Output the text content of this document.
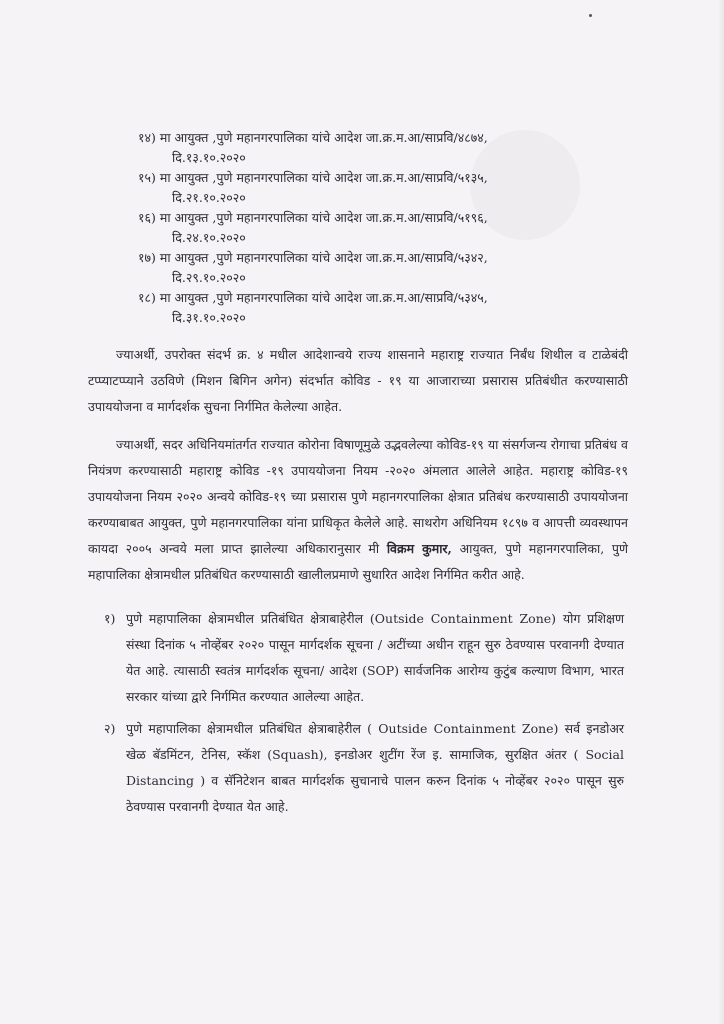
१४) मा आयुक्त ,पुणे महानगरपालिका यांचे आदेश जा.क्र.म.आ/साप्रवि/४८७४,
दि.१३.१०.२०२०
१५) मा आयुक्त ,पुणे महानगरपालिका यांचे आदेश जा.क्र.म.आ/साप्रवि/५१३५,
दि.२१.१०.२०२०
१६) मा आयुक्त ,पुणे महानगरपालिका यांचे आदेश जा.क्र.म.आ/साप्रवि/५१९६,
दि.२४.१०.२०२०
१७) मा आयुक्त ,पुणे महानगरपालिका यांचे आदेश जा.क्र.म.आ/साप्रवि/५३४२,
दि.२९.१०.२०२०
१८) मा आयुक्त ,पुणे महानगरपालिका यांचे आदेश जा.क्र.म.आ/साप्रवि/५३४५,
दि.३१.१०.२०२०
ज्याअर्थी, उपरोक्त संदर्भ क्र. ४ मधील आदेशान्वये राज्य शासनाने महाराष्ट्र राज्यात निर्बंध शिथील व टाळेबंदी टप्प्याटप्प्याने उठविणे (मिशन बिगिन अगेन) संदर्भात कोविड - १९ या आजाराच्या प्रसारास प्रतिबंधीत करण्यासाठी उपाययोजना व मार्गदर्शक सुचना निर्गमित केलेल्या आहेत.
ज्याअर्थी, सदर अधिनियमांतर्गत राज्यात कोरोना विषाणूमुळे उद्भवलेल्या कोविड-१९ या संसर्गजन्य रोगाचा प्रतिबंध व नियंत्रण करण्यासाठी महाराष्ट्र कोविड -१९ उपाययोजना नियम -२०२० अंमलात आलेले आहेत. महाराष्ट्र कोविड-१९ उपाययोजना नियम २०२० अन्वये कोविड-१९ च्या प्रसारास पुणे महानगरपालिका क्षेत्रात प्रतिबंध करण्यासाठी उपाययोजना करण्याबाबत आयुक्त, पुणे महानगरपालिका यांना प्राधिकृत केलेले आहे. साथरोग अधिनियम १८९७ व आपत्ती व्यवस्थापन कायदा २००५ अन्वये मला प्राप्त झालेल्या अधिकारानुसार मी विक्रम कुमार, आयुक्त, पुणे महानगरपालिका, पुणे महापालिका क्षेत्रामधील प्रतिबंधित करण्यासाठी खालीलप्रमाणे सुधारित आदेश निर्गमित करीत आहे.
१) पुणे महापालिका क्षेत्रामधील प्रतिबंधित क्षेत्राबाहेरील (Outside Containment Zone) योग प्रशिक्षण संस्था दिनांक ५ नोव्हेंबर २०२० पासून मार्गदर्शक सूचना / अटींच्या अधीन राहून सुरु ठेवण्यास परवानगी देण्यात येत आहे. त्यासाठी स्वतंत्र मार्गदर्शक सूचना/ आदेश (SOP) सार्वजनिक आरोग्य कुटुंब कल्याण विभाग, भारत सरकार यांच्या द्वारे निर्गमित करण्यात आलेल्या आहेत.
२) पुणे महापालिका क्षेत्रामधील प्रतिबंधित क्षेत्राबाहेरील ( Outside Containment Zone) सर्व इनडोअर खेळ बॅडमिंटन, टेनिस, स्कॅश (Squash), इनडोअर शुटींग रेंज इ. सामाजिक, सुरक्षित अंतर ( Social Distancing ) व सॅनिटेशन बाबत मार्गदर्शक सुचानाचे पालन करुन दिनांक ५ नोव्हेंबर २०२० पासून सुरु ठेवण्यास परवानगी देण्यात येत आहे.
